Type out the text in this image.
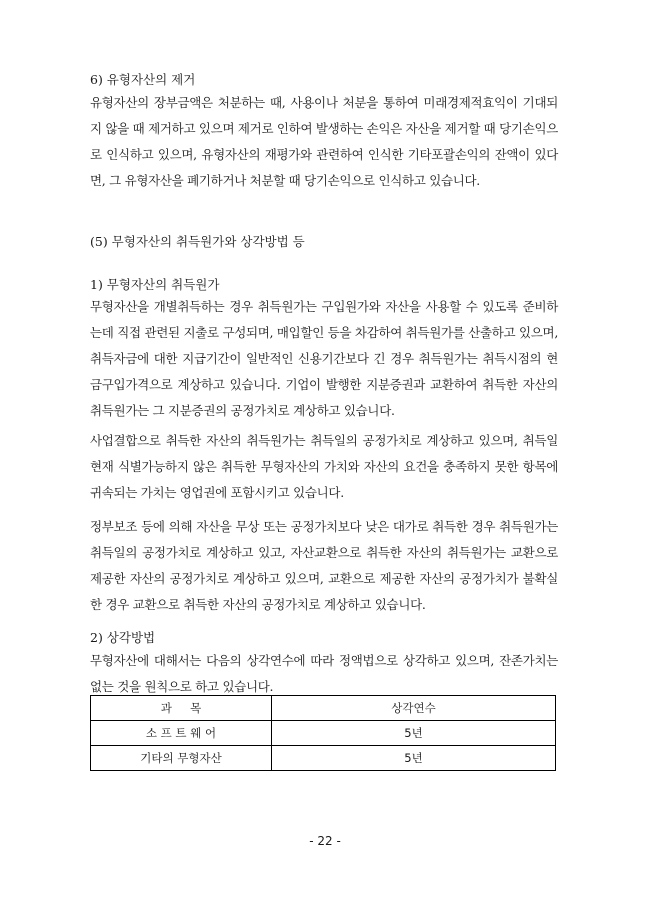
6) 유형자산의 제거
유형자산의 장부금액은 처분하는 때, 사용이나 처분을 통하여 미래경제적효익이 기대되지 않을 때 제거하고 있으며 제거로 인하여 발생하는 손익은 자산을 제거할 때 당기손익으로 인식하고 있으며, 유형자산의 재평가와 관련하여 인식한 기타포괄손익의 잔액이 있다면, 그 유형자산을 폐기하거나 처분할 때 당기손익으로 인식하고 있습니다.
(5) 무형자산의 취득원가와 상각방법 등
1) 무형자산의 취득원가
무형자산을 개별취득하는 경우 취득원가는 구입원가와 자산을 사용할 수 있도록 준비하는데 직접 관련된 지출로 구성되며, 매입할인 등을 차감하여 취득원가를 산출하고 있으며, 취득자금에 대한 지급기간이 일반적인 신용기간보다 긴 경우 취득원가는 취득시점의 현금구입가격으로 계상하고 있습니다. 기업이 발행한 지분증권과 교환하여 취득한 자산의 취득원가는 그 지분증권의 공정가치로 계상하고 있습니다.
사업결합으로 취득한 자산의 취득원가는 취득일의 공정가치로 계상하고 있으며, 취득일 현재 식별가능하지 않은 취득한 무형자산의 가치와 자산의 요건을 충족하지 못한 항목에 귀속되는 가치는 영업권에 포함시키고 있습니다.
정부보조 등에 의해 자산을 무상 또는 공정가치보다 낮은 대가로 취득한 경우 취득원가는 취득일의 공정가치로 계상하고 있고, 자산교환으로 취득한 자산의 취득원가는 교환으로 제공한 자산의 공정가치로 계상하고 있으며, 교환으로 제공한 자산의 공정가치가 불확실한 경우 교환으로 취득한 자산의 공정가치로 계상하고 있습니다.
2) 상각방법
무형자산에 대해서는 다음의 상각연수에 따라 정액법으로 상각하고 있으며, 잔존가치는 없는 것을 원칙으로 하고 있습니다.
과     목	상각연수
소 프 트 웨 어	5년
기타의 무형자산	5년
- 22 -
